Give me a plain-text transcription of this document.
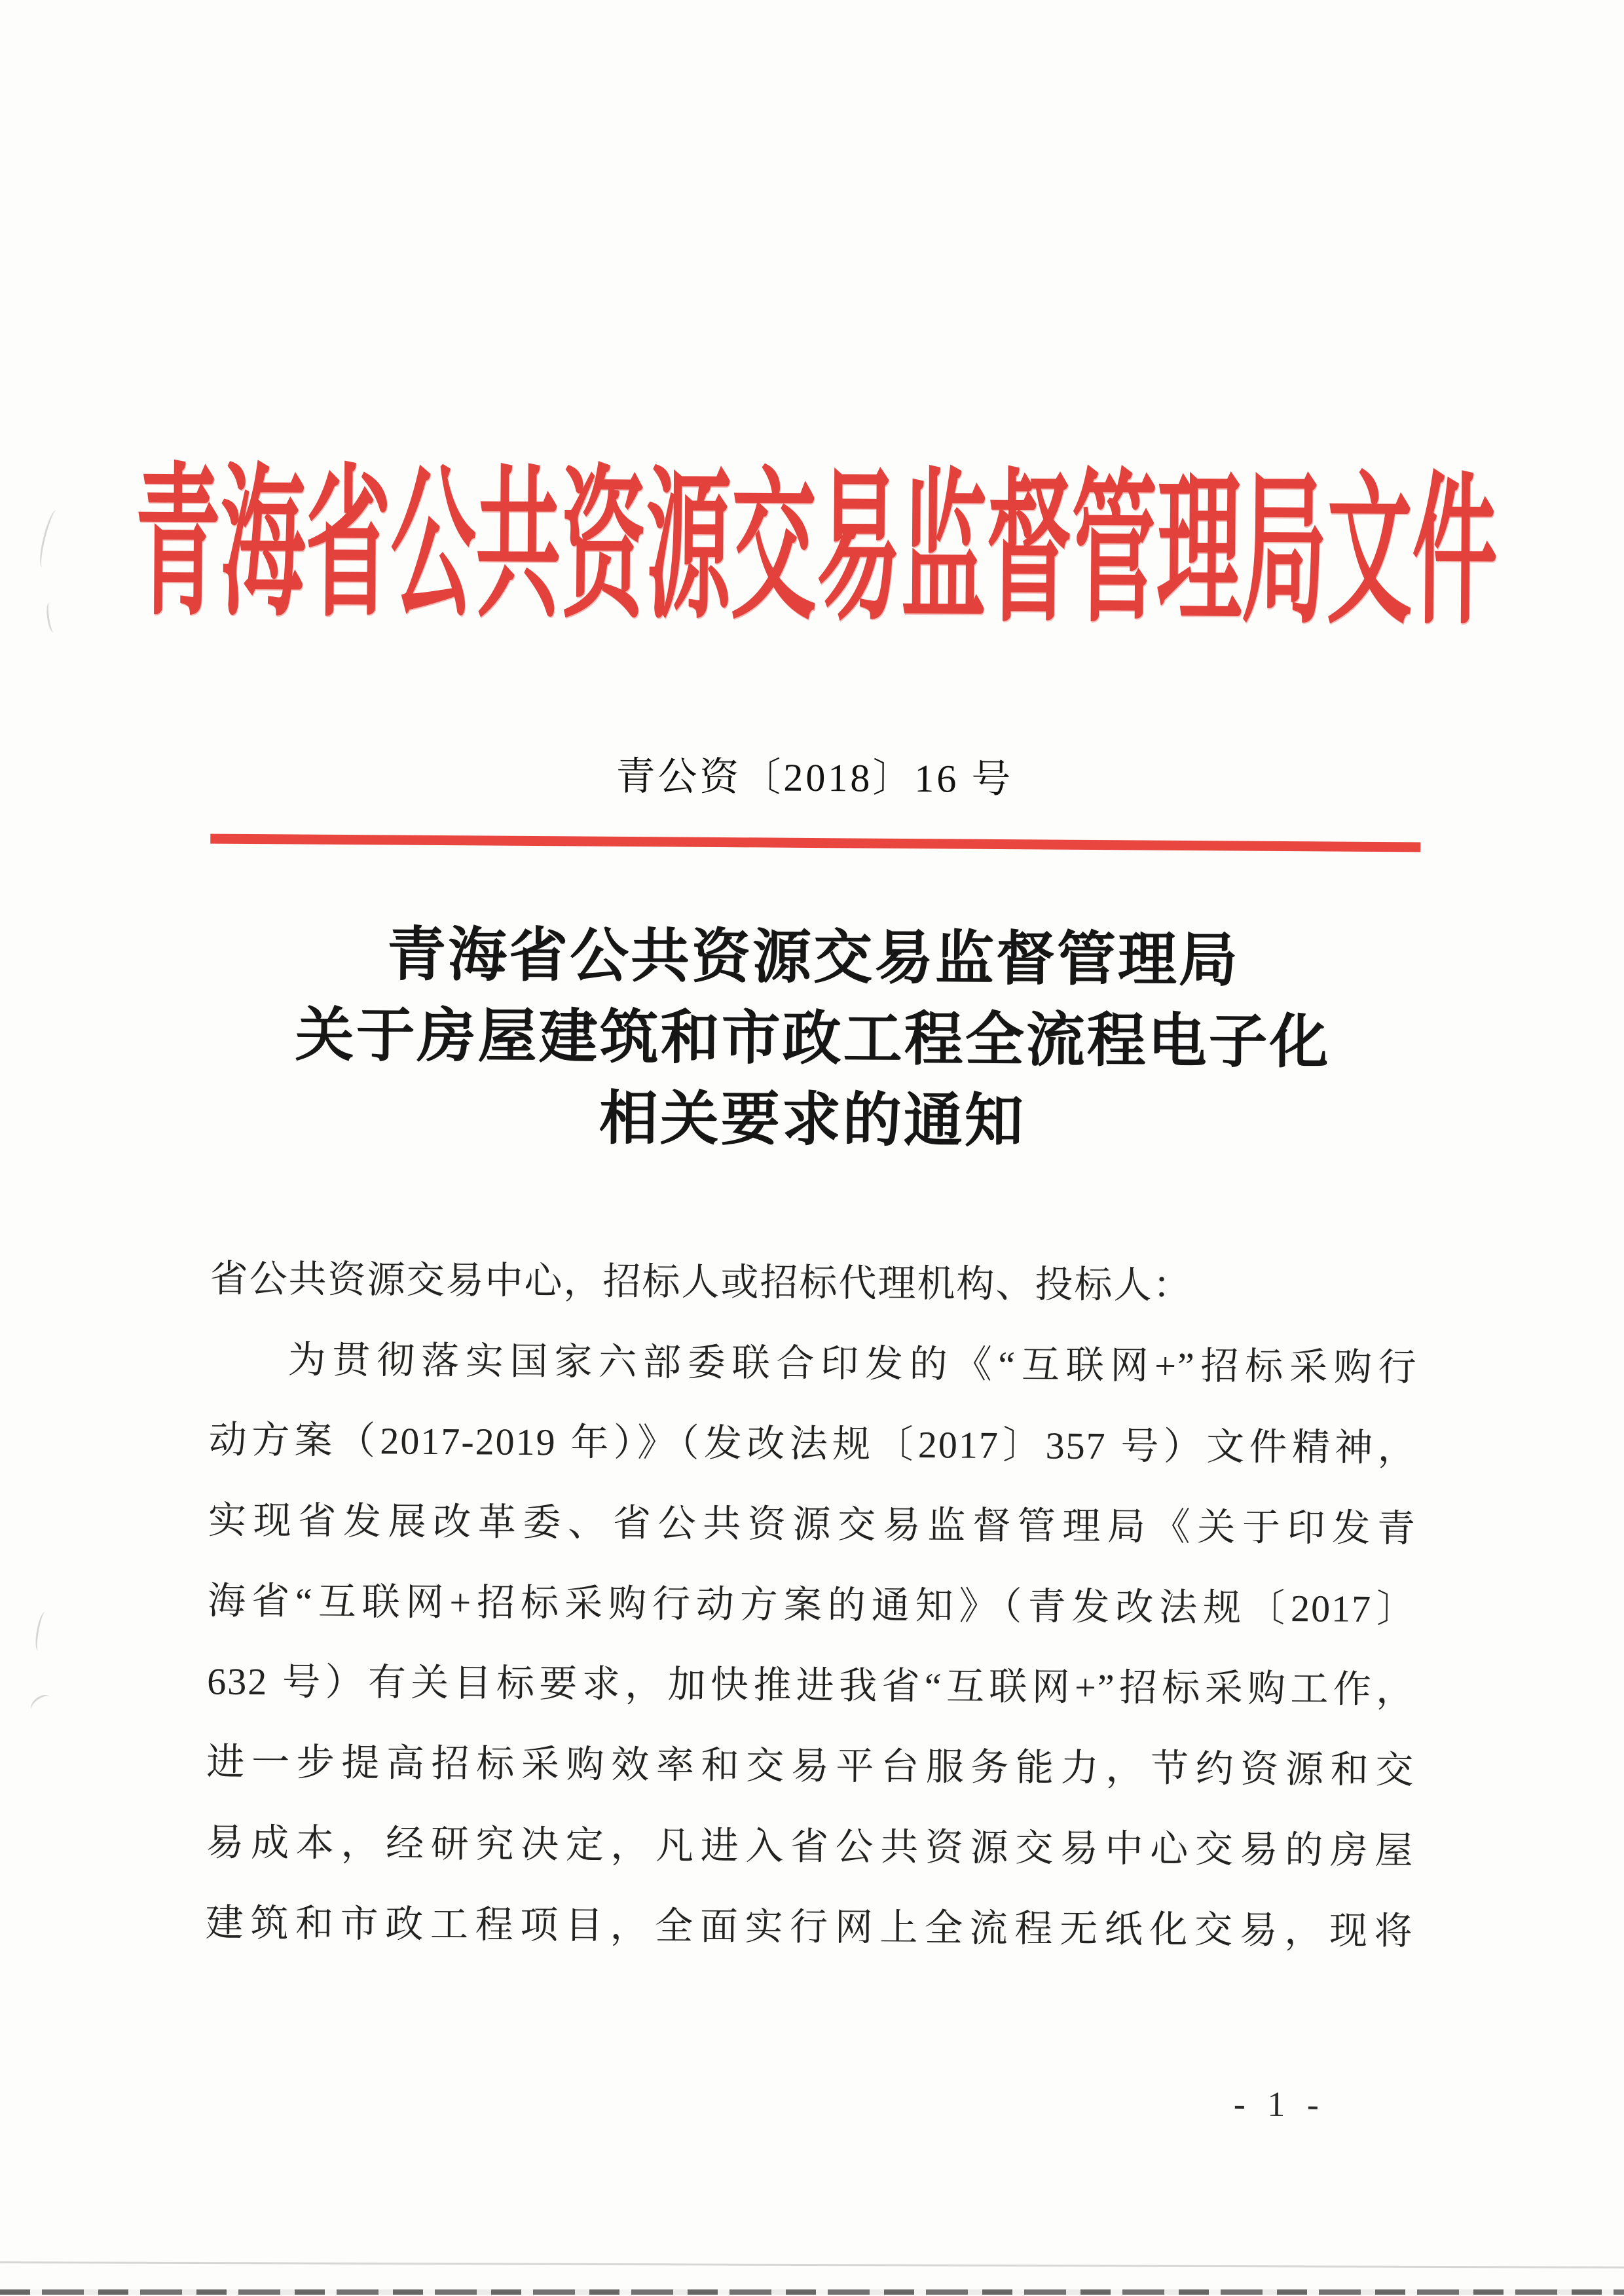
青海省公共资源交易监督管理局文件
青公资〔2018〕16 号
青海省公共资源交易监督管理局
关于房屋建筑和市政工程全流程电子化
相关要求的通知
省公共资源交易中心，招标人或招标代理机构、投标人：
为贯彻落实国家六部委联合印发的《“互联网+”招标采购行
动方案（2017-2019 年）》（发改法规〔2017〕357 号）文件精神，
实现省发展改革委、省公共资源交易监督管理局《关于印发青
海省“互联网+招标采购行动方案的通知》（青发改法规〔2017〕
632 号）有关目标要求，加快推进我省“互联网+”招标采购工作，
进一步提高招标采购效率和交易平台服务能力，节约资源和交
易成本，经研究决定，凡进入省公共资源交易中心交易的房屋
建筑和市政工程项目，全面实行网上全流程无纸化交易，现将
- 1 -
